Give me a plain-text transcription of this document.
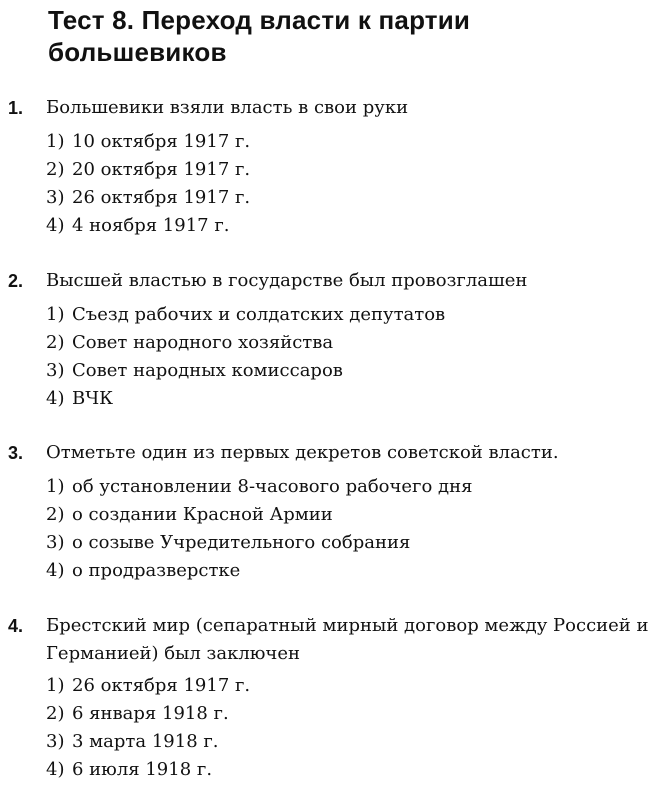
Тест 8. Переход власти к партии большевиков
1. Большевики взяли власть в свои руки
1) 10 октября 1917 г.
2) 20 октября 1917 г.
3) 26 октября 1917 г.
4) 4 ноября 1917 г.
2. Высшей властью в государстве был провозглашен
1) Съезд рабочих и солдатских депутатов
2) Совет народного хозяйства
3) Совет народных комиссаров
4) ВЧК
3. Отметьте один из первых декретов советской власти.
1) об установлении 8-часового рабочего дня
2) о создании Красной Армии
3) о созыве Учредительного собрания
4) о продразверстке
4. Брестский мир (сепаратный мирный договор между Россией и Германией) был заключен
1) 26 октября 1917 г.
2) 6 января 1918 г.
3) 3 марта 1918 г.
4) 6 июля 1918 г.
